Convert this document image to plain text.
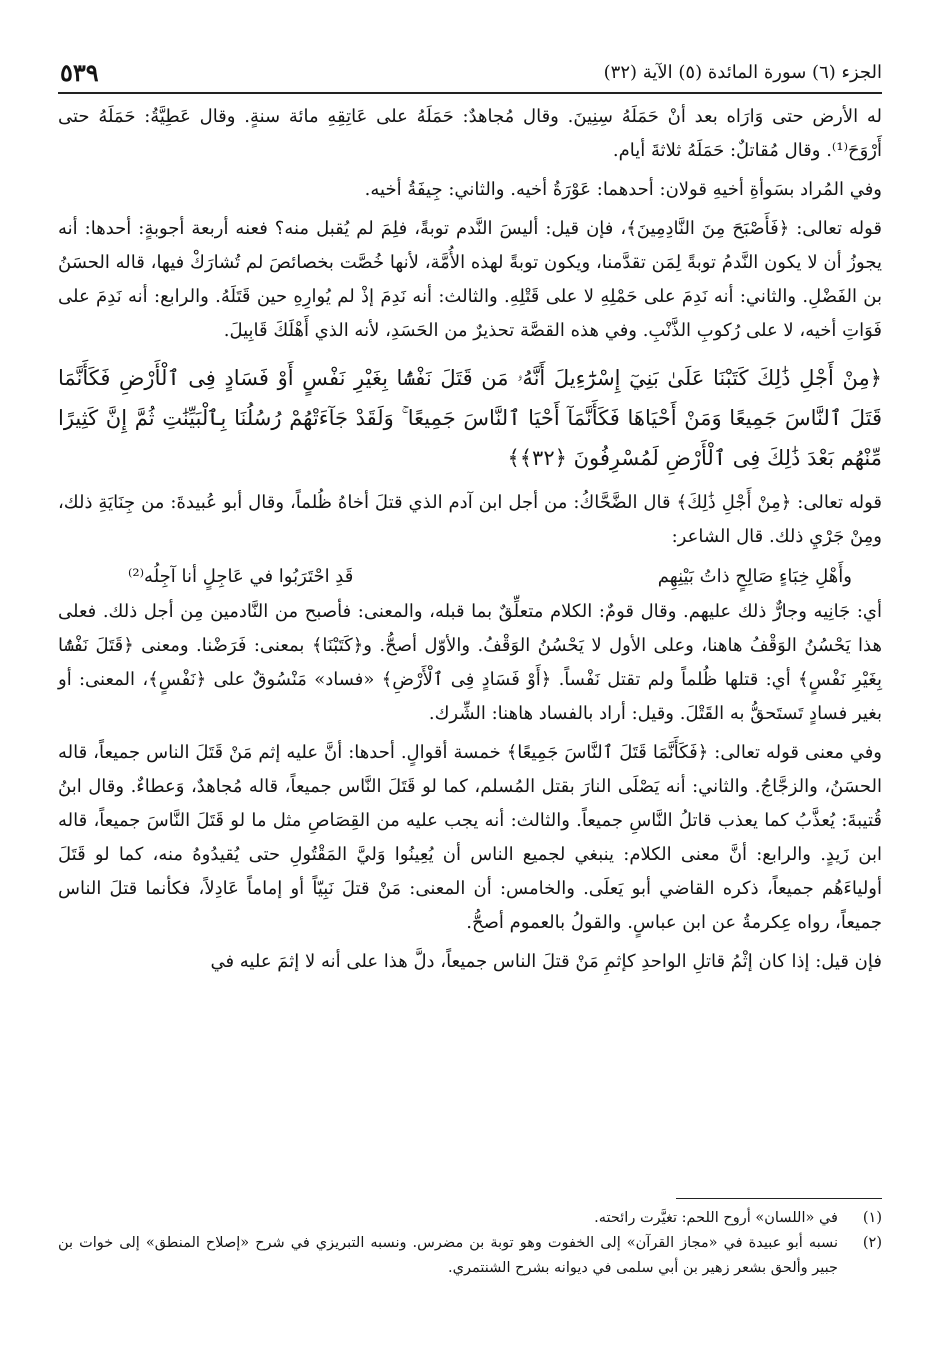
الجزء (٦) سورة المائدة (٥) الآية (٣٢)
٥٣٩

له الأرض حتى وَارَاه بعد أنْ حَمَلَهُ سِنِينَ. وقال مُجاهدٌ: حَمَلَهُ على عَاتِقِهِ مائة سنةٍ. وقال عَطِيَّةُ: حَمَلَهُ حتى أَرْوَحَ⁽¹⁾. وقال مُقاتلٌ: حَمَلَهُ ثلاثةَ أيام.

وفي المُراد بسَوأةِ أخيهِ قولان: أحدهما: عَوْرَةُ أخيه. والثاني: جِيفَةُ أخيه.

قوله تعالى: ﴿فَأَصْبَحَ مِنَ النَّادِمِينَ﴾، فإن قيل: أليسَ النَّدم توبةً، فلِمَ لم يُقبل منه؟ فعنه أربعة أجوبةٍ: أحدها: أنه يجوزُ أن لا يكون النَّدمُ توبةً لِمَن تقدَّمنا، ويكون توبةً لهذه الأُمَّة، لأنها خُصَّت بخصائصَ لم تُشارَكْ فيها، قاله الحسَنُ بن الفَضْلِ. والثاني: أنه نَدِمَ على حَمْلِهِ لا على قَتْلِهِ. والثالث: أنه نَدِمَ إذْ لم يُوارِهِ حين قَتَلَهُ. والرابع: أنه نَدِمَ على فَوَاتِ أخيه، لا على رُكوبِ الذَّنْبِ. وفي هذه القصَّة تحذيرٌ من الحَسَدِ، لأنه الذي أَهْلَكَ قَابِيلَ.

﴿مِنْ أَجْلِ ذَٰلِكَ كَتَبْنَا عَلَىٰ بَنِيٓ إِسْرَٰٓءِيلَ أَنَّهُۥ مَن قَتَلَ نَفْسًۢا بِغَيْرِ نَفْسٍ أَوْ فَسَادٍ فِى ٱلْأَرْضِ فَكَأَنَّمَا قَتَلَ ٱلنَّاسَ جَمِيعًا وَمَنْ أَحْيَاهَا فَكَأَنَّمَآ أَحْيَا ٱلنَّاسَ جَمِيعًا ۚ وَلَقَدْ جَآءَتْهُمْ رُسُلُنَا بِٱلْبَيِّنَٰتِ ثُمَّ إِنَّ كَثِيرًا مِّنْهُم بَعْدَ ذَٰلِكَ فِى ٱلْأَرْضِ لَمُسْرِفُونَ ﴿٣٢﴾﴾

قوله تعالى: ﴿مِنْ أَجْلِ ذَٰلِكَ﴾ قال الضَّحَّاكُ: من أجل ابن آدم الذي قتلَ أخاهُ ظُلماً، وقال أبو عُبيدةَ: من جِنَايَةِ ذلك، ومِنْ جَرْيِ ذلك. قال الشاعر:

وأَهْلِ خِبَاءٍ صَالِحٍ ذاتُ بَيْنِهِم
قَدِ احْتَرَبُوا في عَاجِلٍ أنا آجِلُه⁽²⁾

أي: جَانِيه وجارٌّ ذلك عليهم. وقال قومٌ: الكلام متعلِّقٌ بما قبله، والمعنى: فأصبح من النَّادمين مِن أجل ذلك. فعلى هذا يَحْسُنُ الوَقْفُ هاهنا، وعلى الأول لا يَحْسُنُ الوَقْفُ. والأوّل أصحُّ. و﴿كَتَبْنَا﴾ بمعنى: فَرَضْنا. ومعنى ﴿قَتَلَ نَفْسًۢا بِغَيْرِ نَفْسٍ﴾ أي: قتلها ظُلماً ولم تقتل نَفْساً. ﴿أَوْ فَسَادٍ فِى ٱلْأَرْضِ﴾ «فساد» مَنْسُوقٌ على ﴿نَفْسٍ﴾، المعنى: أو بغير فسادٍ تَستَحقُّ به القَتْلَ. وقيل: أراد بالفساد هاهنا: الشِّرك.

وفي معنى قوله تعالى: ﴿فَكَأَنَّمَا قَتَلَ ٱلنَّاسَ جَمِيعًا﴾ خمسة أقوالٍ. أحدها: أنَّ عليه إثم مَنْ قَتَلَ الناس جميعاً، قاله الحسَنُ، والزجَّاجُ. والثاني: أنه يَصْلَى النارَ بقتل المُسلم، كما لو قَتَلَ النَّاس جميعاً، قاله مُجاهدٌ، وَعطاءٌ. وقال ابنُ قُتيبةَ: يُعذَّبُ كما يعذب قاتلُ النَّاسِ جميعاً. والثالث: أنه يجب عليه من القِصَاصِ مثل ما لو قَتَلَ النَّاسَ جميعاً، قاله ابن زَيدٍ. والرابع: أنَّ معنى الكلام: ينبغي لجميع الناس أن يُعِينُوا وَليَّ المَقْتُولِ حتى يُقيدُوهُ منه، كما لو قَتَلَ أولياءَهُم جميعاً، ذكره القاضي أبو يَعلَى. والخامس: أن المعنى: مَنْ قتلَ نَبِيّاً أو إماماً عَادِلاً، فكأنما قتلَ الناس جميعاً، رواه عِكرمةُ عن ابن عباسٍ. والقولُ بالعموم أصحُّ.

فإن قيل: إذا كان إثْمُ قاتلِ الواحدِ كإثمِ مَنْ قتلَ الناس جميعاً، دلَّ هذا على أنه لا إثمَ عليه في

(١)
في «اللسان» أروح اللحم: تغيَّرت رائحته.
(٢)
نسبه أبو عبيدة في «مجاز القرآن» إلى الخفوت وهو توبة بن مضرس. ونسبه التبريزي في شرح «إصلاح المنطق» إلى خوات بن جبير وألحق بشعر زهير بن أبي سلمى في ديوانه بشرح الشنتمري.
